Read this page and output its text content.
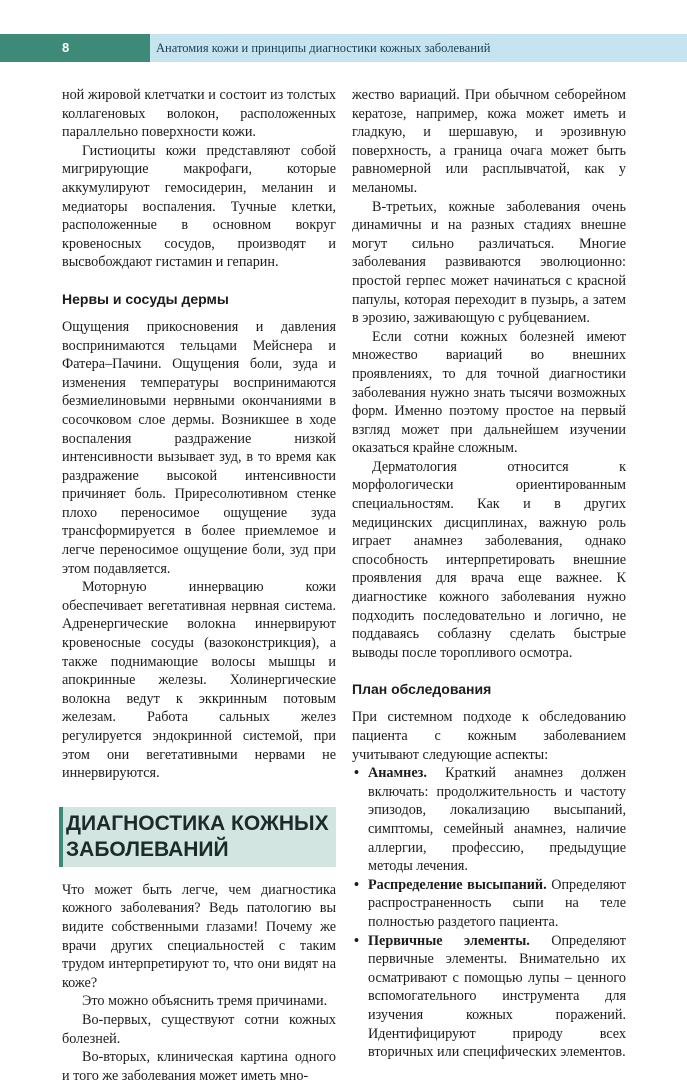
8	Анатомия кожи и принципы диагностики кожных заболеваний

ной жировой клетчатки и состоит из толстых коллагеновых волокон, расположенных параллельно поверхности кожи.

Гистиоциты кожи представляют собой мигрирующие макрофаги, которые аккумулируют гемосидерин, меланин и медиаторы воспаления. Тучные клетки, расположенные в основном вокруг кровеносных сосудов, производят и высвобождают гистамин и гепарин.

Нервы и сосуды дермы

Ощущения прикосновения и давления воспринимаются тельцами Мейснера и Фатера–Пачини. Ощущения боли, зуда и изменения температуры воспринимаются безмиелиновыми нервными окончаниями в сосочковом слое дермы. Возникшее в ходе воспаления раздражение низкой интенсивности вызывает зуд, в то время как раздражение высокой интенсивности причиняет боль. Приресолютивном стенке плохо переносимое ощущение зуда трансформируется в более приемлемое и легче переносимое ощущение боли, зуд при этом подавляется.

Моторную иннервацию кожи обеспечивает вегетативная нервная система. Адренергические волокна иннервируют кровеносные сосуды (вазоконстрикция), а также поднимающие волосы мышцы и апокринные железы. Холинергические волокна ведут к эккринным потовым железам. Работа сальных желез регулируется эндокринной системой, при этом они вегетативными нервами не иннервируются.

ДИАГНОСТИКА КОЖНЫХ ЗАБОЛЕВАНИЙ

Что может быть легче, чем диагностика кожного заболевания? Ведь патологию вы видите собственными глазами! Почему же врачи других специальностей с таким трудом интерпретируют то, что они видят на коже?

Это можно объяснить тремя причинами.

Во-первых, существуют сотни кожных болезней.

Во-вторых, клиническая картина одного и того же заболевания может иметь мно-

жество вариаций. При обычном себорейном кератозе, например, кожа может иметь и гладкую, и шершавую, и эрозивную поверхность, а граница очага может быть равномерной или расплывчатой, как у меланомы.

В-третьих, кожные заболевания очень динамичны и на разных стадиях внешне могут сильно различаться. Многие заболевания развиваются эволюционно: простой герпес может начинаться с красной папулы, которая переходит в пузырь, а затем в эрозию, заживающую с рубцеванием.

Если сотни кожных болезней имеют множество вариаций во внешних проявлениях, то для точной диагностики заболевания нужно знать тысячи возможных форм. Именно поэтому простое на первый взгляд может при дальнейшем изучении оказаться крайне сложным.

Дерматология относится к морфологически ориентированным специальностям. Как и в других медицинских дисциплинах, важную роль играет анамнез заболевания, однако способность интерпретировать внешние проявления для врача еще важнее. К диагностике кожного заболевания нужно подходить последовательно и логично, не поддаваясь соблазну сделать быстрые выводы после торопливого осмотра.

План обследования

При системном подходе к обследованию пациента с кожным заболеванием учитывают следующие аспекты:

• Анамнез. Краткий анамнез должен включать: продолжительность и частоту эпизодов, локализацию высыпаний, симптомы, семейный анамнез, наличие аллергии, профессию, предыдущие методы лечения.
• Распределение высыпаний. Определяют распространенность сыпи на теле полностью раздетого пациента.
• Первичные элементы. Определяют первичные элементы. Внимательно их осматривают с помощью лупы – ценного вспомогательного инструмента для изучения кожных поражений. Идентифицируют природу всех вторичных или специфических элементов.
